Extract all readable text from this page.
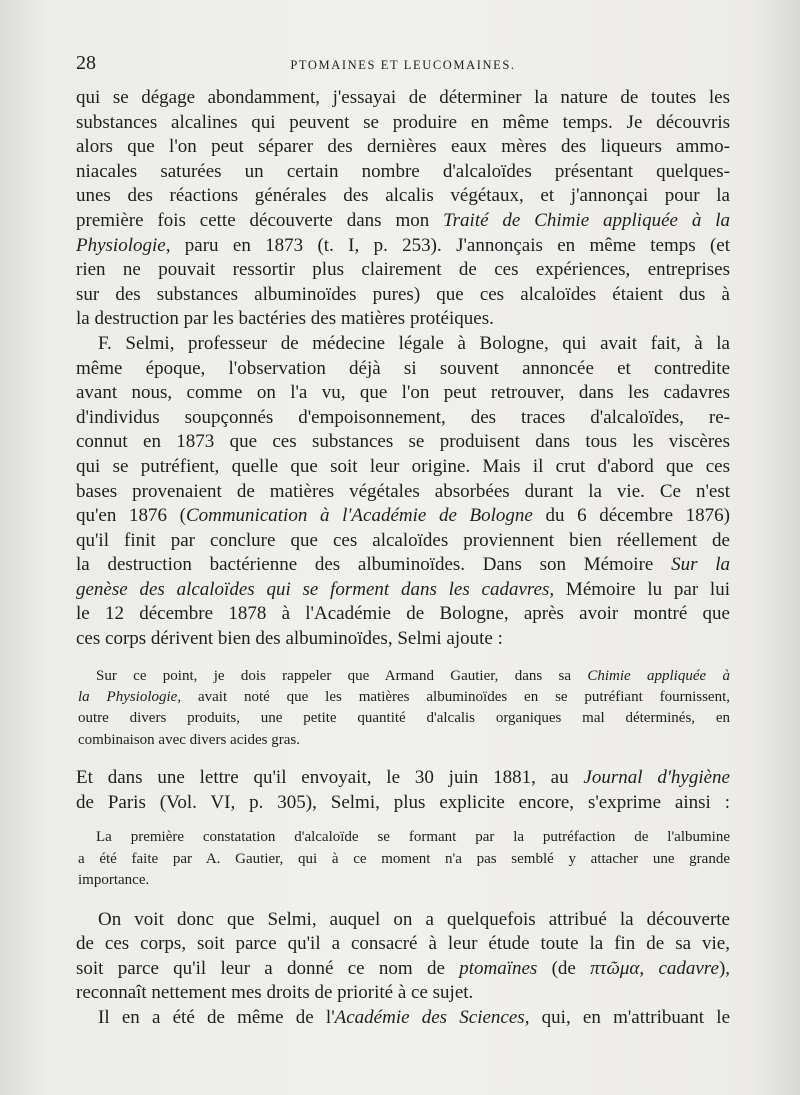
28	PTOMAINES ET LEUCOMAINES.
qui se dégage abondamment, j'essayai de déterminer la nature de toutes les
substances alcalines qui peuvent se produire en même temps. Je découvris
alors que l'on peut séparer des dernières eaux mères des liqueurs ammo-
niacales saturées un certain nombre d'alcaloïdes présentant quelques-
unes des réactions générales des alcalis végétaux, et j'annonçai pour la
première fois cette découverte dans mon Traité de Chimie appliquée à la
Physiologie, paru en 1873 (t. I, p. 253). J'annonçais en même temps (et
rien ne pouvait ressortir plus clairement de ces expériences, entreprises
sur des substances albuminoïdes pures) que ces alcaloïdes étaient dus à
la destruction par les bactéries des matières protéiques.
F. Selmi, professeur de médecine légale à Bologne, qui avait fait, à la
même époque, l'observation déjà si souvent annoncée et contredite
avant nous, comme on l'a vu, que l'on peut retrouver, dans les cadavres
d'individus soupçonnés d'empoisonnement, des traces d'alcaloïdes, re-
connut en 1873 que ces substances se produisent dans tous les viscères
qui se putréfient, quelle que soit leur origine. Mais il crut d'abord que ces
bases provenaient de matières végétales absorbées durant la vie. Ce n'est
qu'en 1876 (Communication à l'Académie de Bologne du 6 décembre 1876)
qu'il finit par conclure que ces alcaloïdes proviennent bien réellement de
la destruction bactérienne des albuminoïdes. Dans son Mémoire Sur la
genèse des alcaloïdes qui se forment dans les cadavres, Mémoire lu par lui
le 12 décembre 1878 à l'Académie de Bologne, après avoir montré que
ces corps dérivent bien des albuminoïdes, Selmi ajoute :
Sur ce point, je dois rappeler que Armand Gautier, dans sa Chimie appliquée à
la Physiologie, avait noté que les matières albuminoïdes en se putréfiant fournissent,
outre divers produits, une petite quantité d'alcalis organiques mal déterminés, en
combinaison avec divers acides gras.
Et dans une lettre qu'il envoyait, le 30 juin 1881, au Journal d'hygiène
de Paris (Vol. VI, p. 305), Selmi, plus explicite encore, s'exprime ainsi :
La première constatation d'alcaloïde se formant par la putréfaction de l'albumine
a été faite par A. Gautier, qui à ce moment n'a pas semblé y attacher une grande
importance.
On voit donc que Selmi, auquel on a quelquefois attribué la découverte
de ces corps, soit parce qu'il a consacré à leur étude toute la fin de sa vie,
soit parce qu'il leur a donné ce nom de ptomaïnes (de πτῶμα, cadavre),
reconnaît nettement mes droits de priorité à ce sujet.
Il en a été de même de l'Académie des Sciences, qui, en m'attribuant le
